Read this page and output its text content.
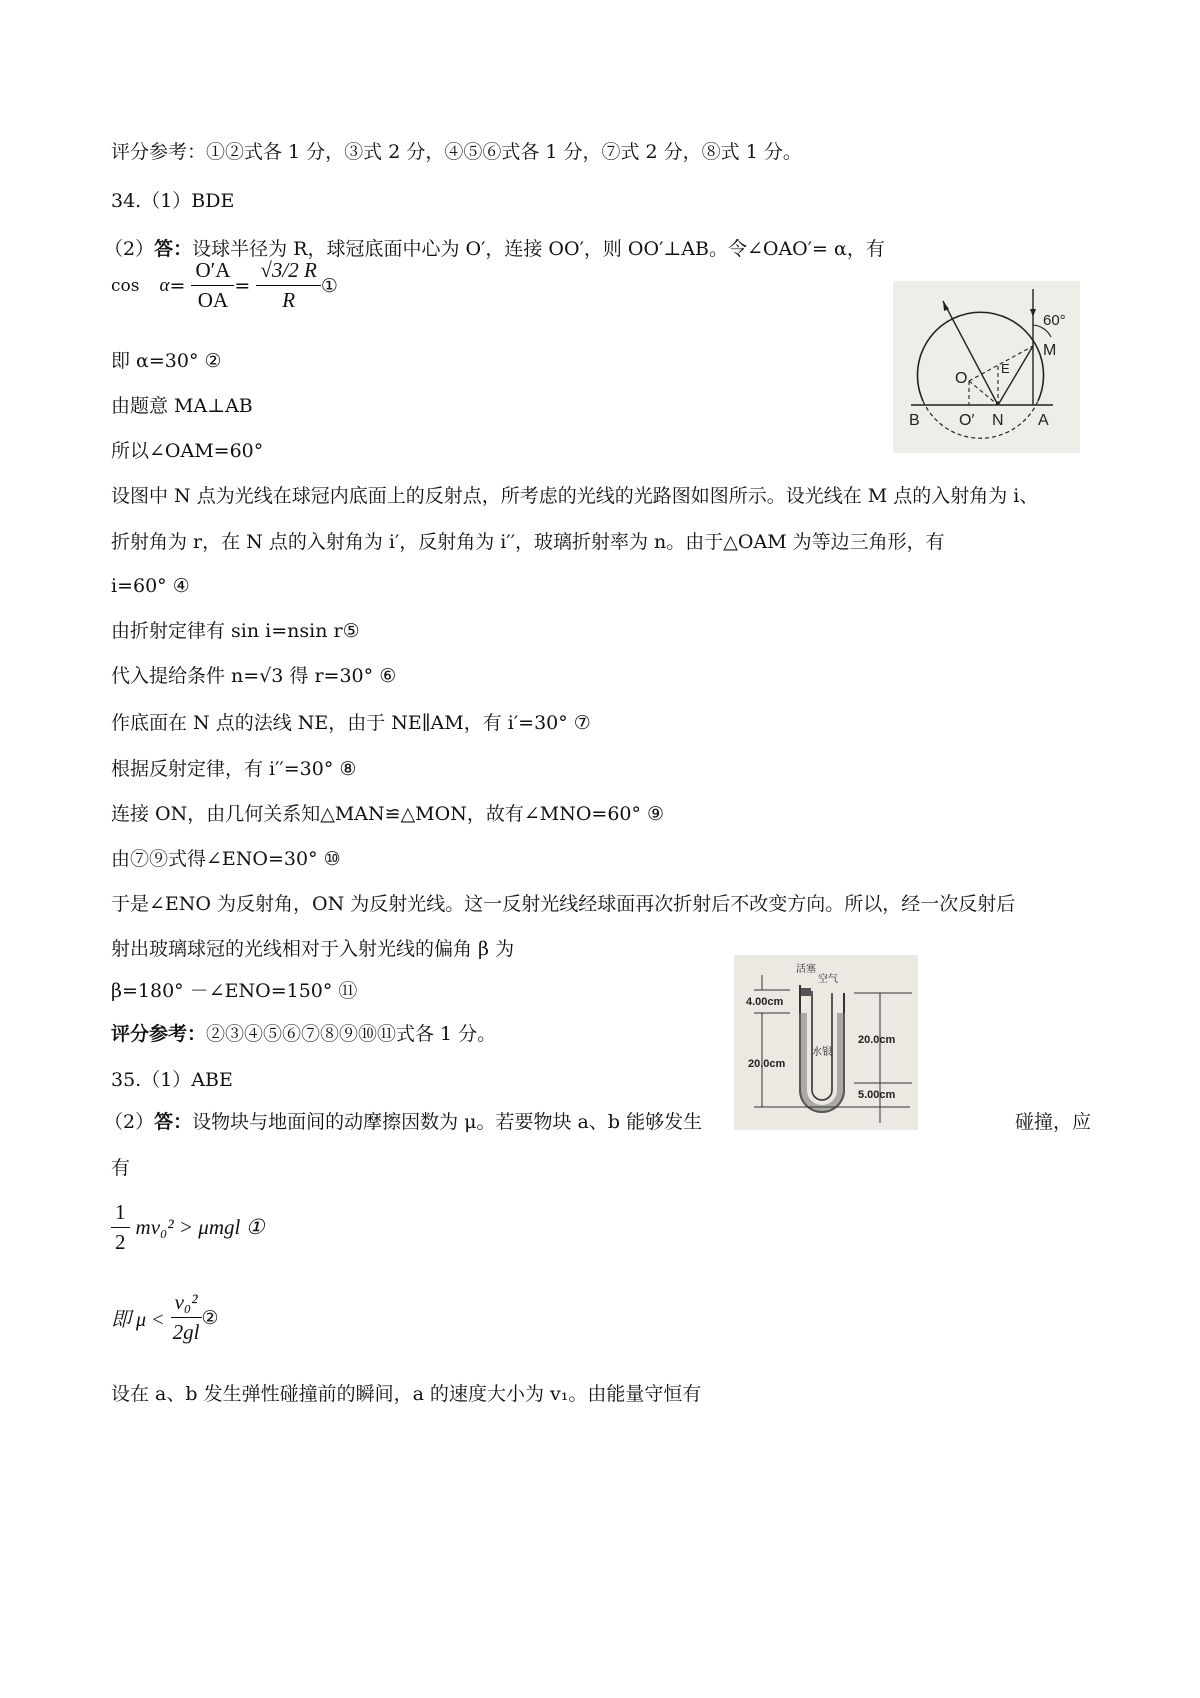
评分参考：①②式各 1 分，③式 2 分，④⑤⑥式各 1 分，⑦式 2 分，⑧式 1 分。
34.（1）BDE
（2）答：设球半径为 R，球冠底面中心为 O′，连接 OO′，则 OO′⊥AB。令∠OAO′= α，有
$\cos \alpha= \frac{O'A}{OA} = \frac{√3/2 R}{R}$ ①
即 α=30° ②
由题意 MA⊥AB
所以∠OAM=60°
设图中 N 点为光线在球冠内底面上的反射点，所考虑的光线的光路图如图所示。设光线在 M 点的入射角为 i、
折射角为 r，在 N 点的入射角为 i′，反射角为 i′′，玻璃折射率为 n。由于△OAM 为等边三角形，有
i=60° ④
由折射定律有 sin i=nsin r⑤
代入提给条件 n=√3 得 r=30° ⑥
作底面在 N 点的法线 NE，由于 NE∥AM，有 i′=30° ⑦
根据反射定律，有 i′′=30° ⑧
连接 ON，由几何关系知△MAN≌△MON，故有∠MNO=60° ⑨
由⑦⑨式得∠ENO=30° ⑩
于是∠ENO 为反射角，ON 为反射光线。这一反射光线经球面再次折射后不改变方向。所以，经一次反射后
射出玻璃球冠的光线相对于入射光线的偏角 β 为
β=180° －∠ENO=150° ⑪
评分参考：②③④⑤⑥⑦⑧⑨⑩⑪式各 1 分。
35.（1）ABE
（2）答：设物块与地面间的动摩擦因数为 μ。若要物块 a、b 能够发生	碰撞，应
有
$\frac{1}{2} mv_0^2 > \mu mgl$ ①
即 $\mu < \frac{\text{v₀²}}{2gl}$ ②
设在 a、b 发生弹性碰撞前的瞬间，a 的速度大小为 v₁。由能量守恒有
60°
M
O
E
B O′ N A
活塞
空气
水银
4.00cm
20.0cm
20.0cm
5.00cm
